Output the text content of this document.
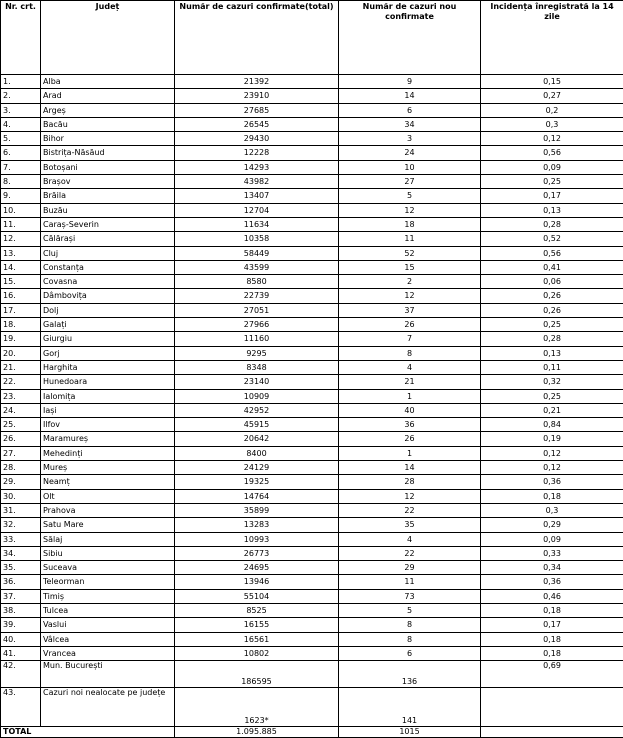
Nr. crt.	Județ	Număr de cazuri confirmate(total)	Număr de cazuri nou confirmate	Incidența înregistrată la 14 zile
1.	Alba	21392	9	0,15
2.	Arad	23910	14	0,27
3.	Argeș	27685	6	0,2
4.	Bacău	26545	34	0,3
5.	Bihor	29430	3	0,12
6.	Bistrița-Năsăud	12228	24	0,56
7.	Botoșani	14293	10	0,09
8.	Brașov	43982	27	0,25
9.	Brăila	13407	5	0,17
10.	Buzău	12704	12	0,13
11.	Caraș-Severin	11634	18	0,28
12.	Călărași	10358	11	0,52
13.	Cluj	58449	52	0,56
14.	Constanța	43599	15	0,41
15.	Covasna	8580	2	0,06
16.	Dâmbovița	22739	12	0,26
17.	Dolj	27051	37	0,26
18.	Galați	27966	26	0,25
19.	Giurgiu	11160	7	0,28
20.	Gorj	9295	8	0,13
21.	Harghita	8348	4	0,11
22.	Hunedoara	23140	21	0,32
23.	Ialomița	10909	1	0,25
24.	Iași	42952	40	0,21
25.	Ilfov	45915	36	0,84
26.	Maramureș	20642	26	0,19
27.	Mehedinți	8400	1	0,12
28.	Mureș	24129	14	0,12
29.	Neamț	19325	28	0,36
30.	Olt	14764	12	0,18
31.	Prahova	35899	22	0,3
32.	Satu Mare	13283	35	0,29
33.	Sălaj	10993	4	0,09
34.	Sibiu	26773	22	0,33
35.	Suceava	24695	29	0,34
36.	Teleorman	13946	11	0,36
37.	Timiș	55104	73	0,46
38.	Tulcea	8525	5	0,18
39.	Vaslui	16155	8	0,17
40.	Vâlcea	16561	8	0,18
41.	Vrancea	10802	6	0,18
42.	Mun. București	186595	136	0,69
43.	Cazuri noi nealocate pe județe	1623*	141	
TOTAL		1.095.885	1015	
